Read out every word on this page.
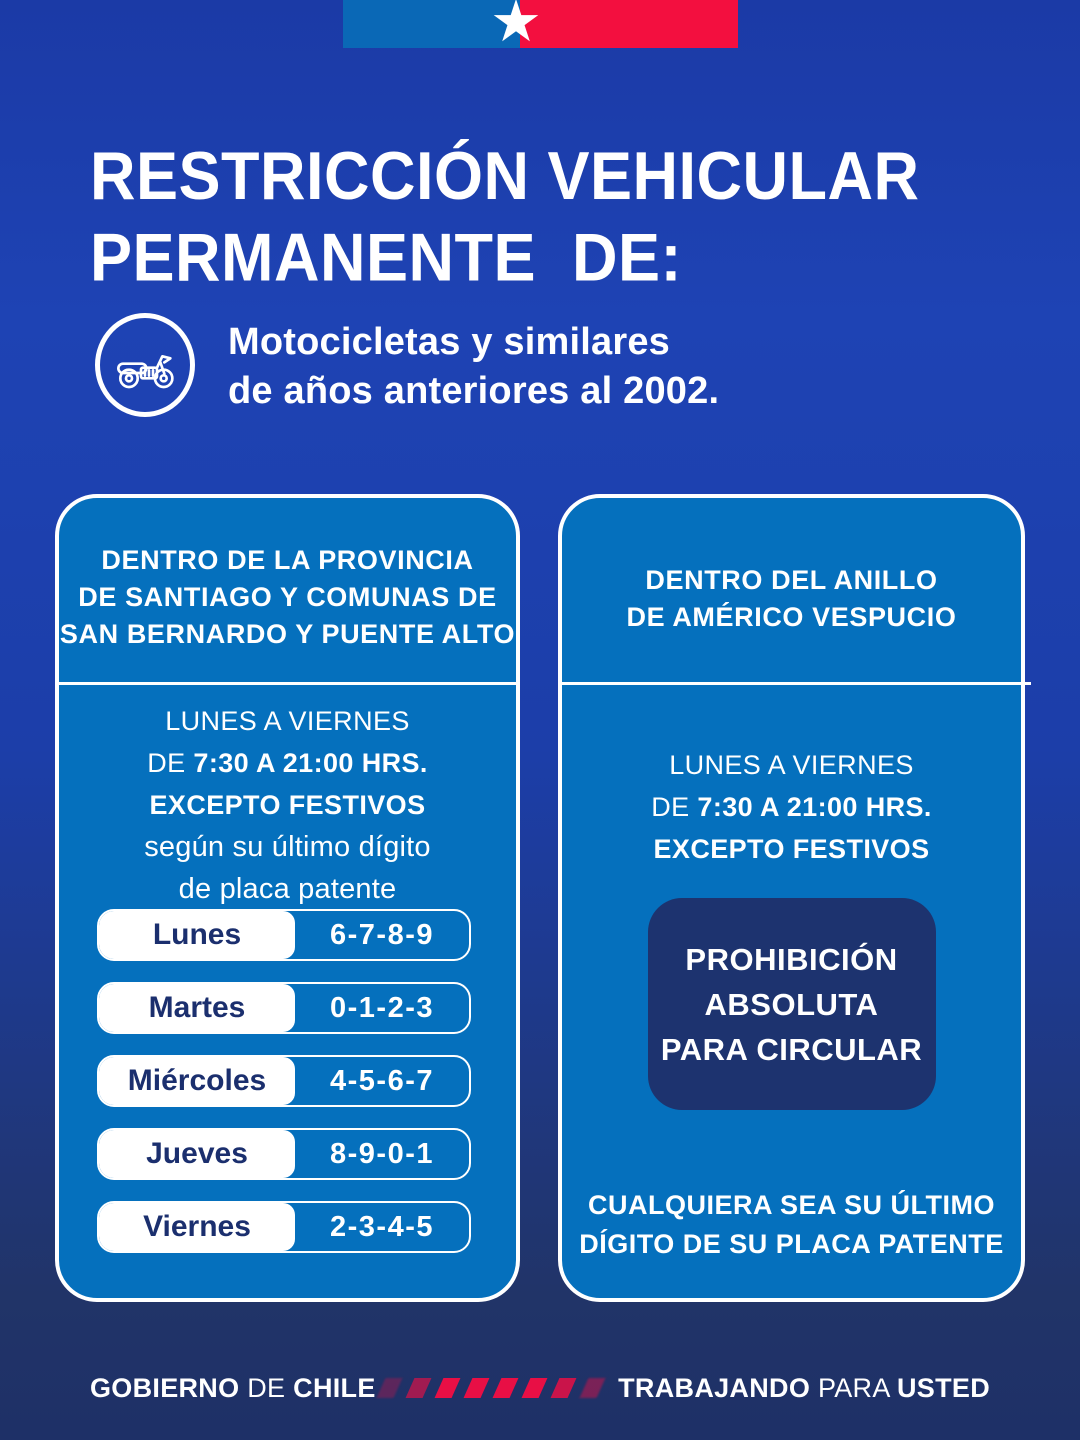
★
RESTRICCIÓN VEHICULAR
PERMANENTE DE:
Motocicletas y similares
de años anteriores al 2002.
DENTRO DE LA PROVINCIA
DE SANTIAGO Y COMUNAS DE
SAN BERNARDO Y PUENTE ALTO
LUNES A VIERNES
DE 7:30 A 21:00 HRS.
EXCEPTO FESTIVOS
según su último dígito
de placa patente
Lunes	6-7-8-9
Martes	0-1-2-3
Miércoles	4-5-6-7
Jueves	8-9-0-1
Viernes	2-3-4-5
DENTRO DEL ANILLO
DE AMÉRICO VESPUCIO
LUNES A VIERNES
DE 7:30 A 21:00 HRS.
EXCEPTO FESTIVOS
PROHIBICIÓN
ABSOLUTA
PARA CIRCULAR
CUALQUIERA SEA SU ÚLTIMO
DÍGITO DE SU PLACA PATENTE
GOBIERNO DE CHILE	TRABAJANDO PARA USTED
